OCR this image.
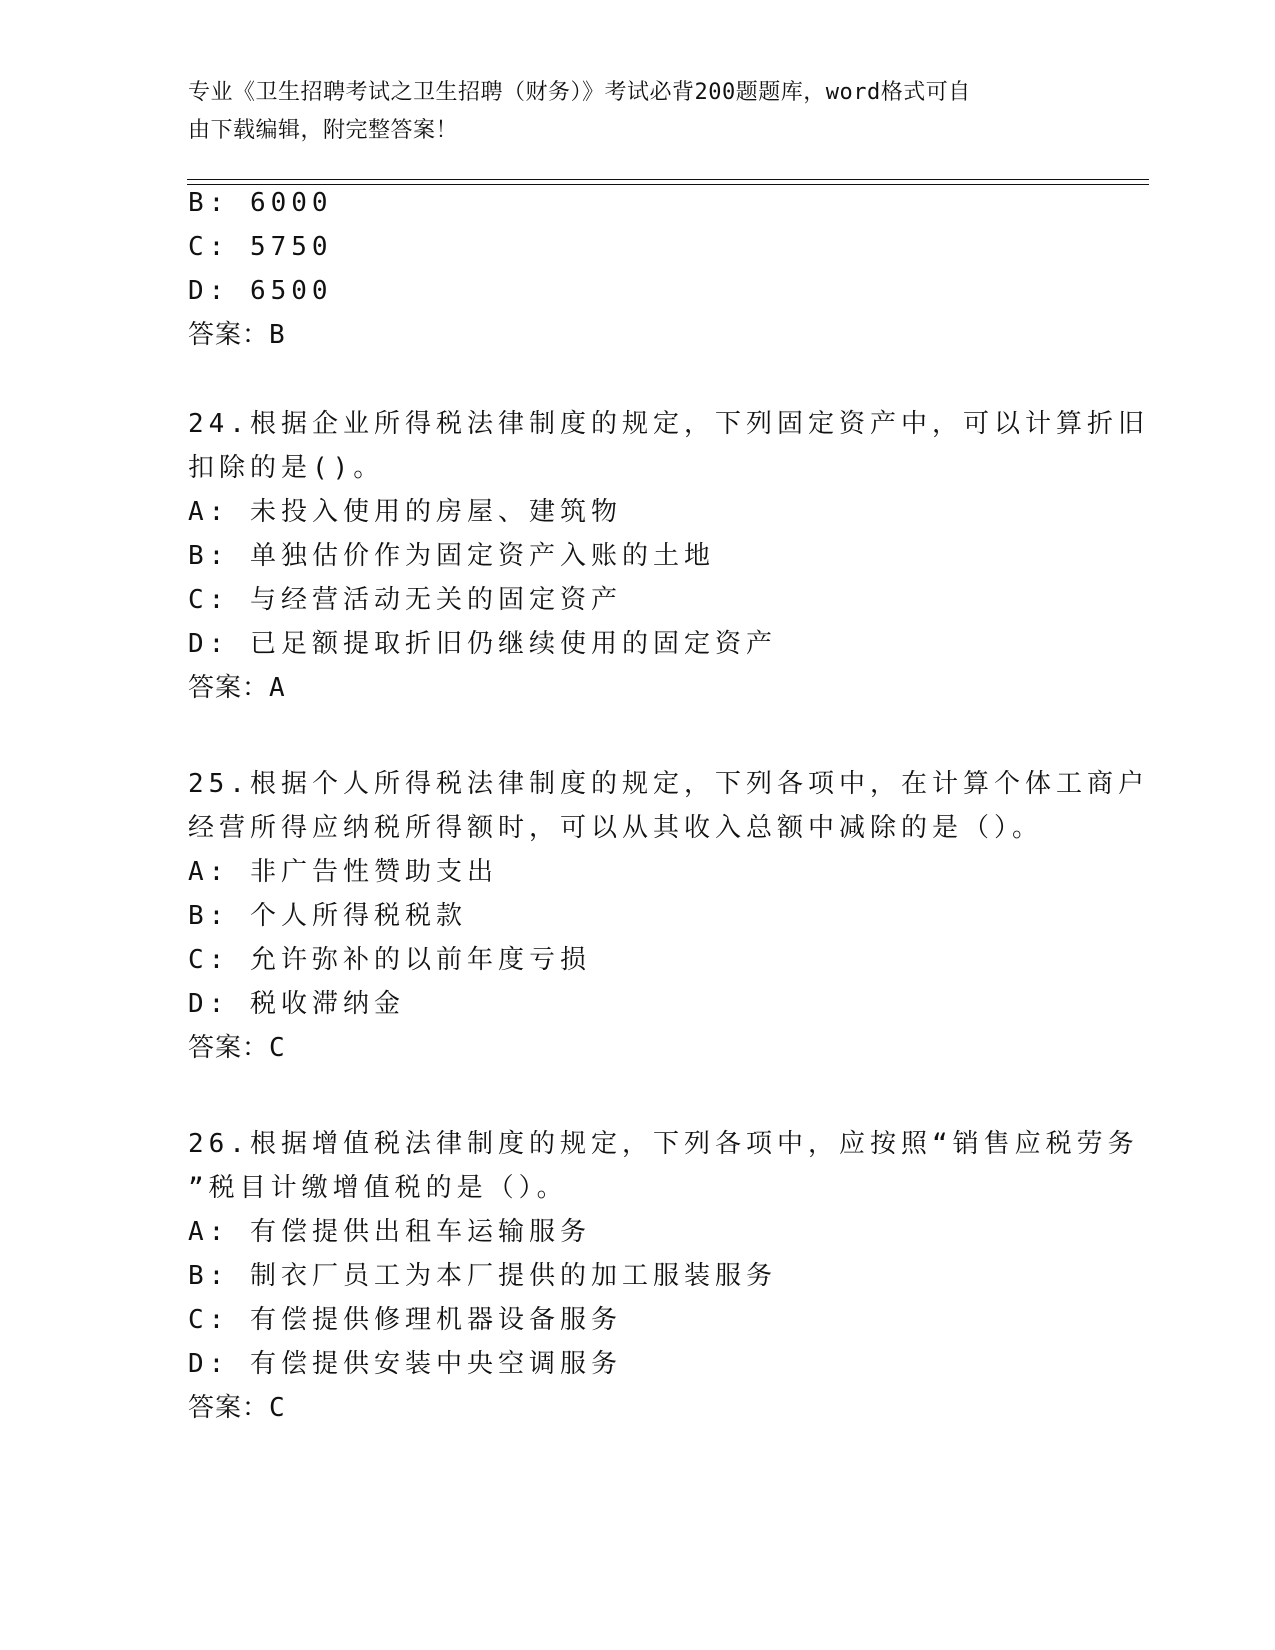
专业《卫生招聘考试之卫生招聘（财务）》考试必背200题题库，word格式可自
由下载编辑，附完整答案！
B: 6000
C: 5750
D: 6500
答案：B
24.根据企业所得税法律制度的规定，下列固定资产中，可以计算折旧
扣除的是()。
A: 未投入使用的房屋、建筑物
B: 单独估价作为固定资产入账的土地
C: 与经营活动无关的固定资产
D: 已足额提取折旧仍继续使用的固定资产
答案：A
25.根据个人所得税法律制度的规定，下列各项中，在计算个体工商户
经营所得应纳税所得额时，可以从其收入总额中减除的是（）。
A: 非广告性赞助支出
B: 个人所得税税款
C: 允许弥补的以前年度亏损
D: 税收滞纳金
答案：C
26.根据增值税法律制度的规定，下列各项中，应按照“销售应税劳务
”税目计缴增值税的是（）。
A: 有偿提供出租车运输服务
B: 制衣厂员工为本厂提供的加工服装服务
C: 有偿提供修理机器设备服务
D: 有偿提供安装中央空调服务
答案：C
